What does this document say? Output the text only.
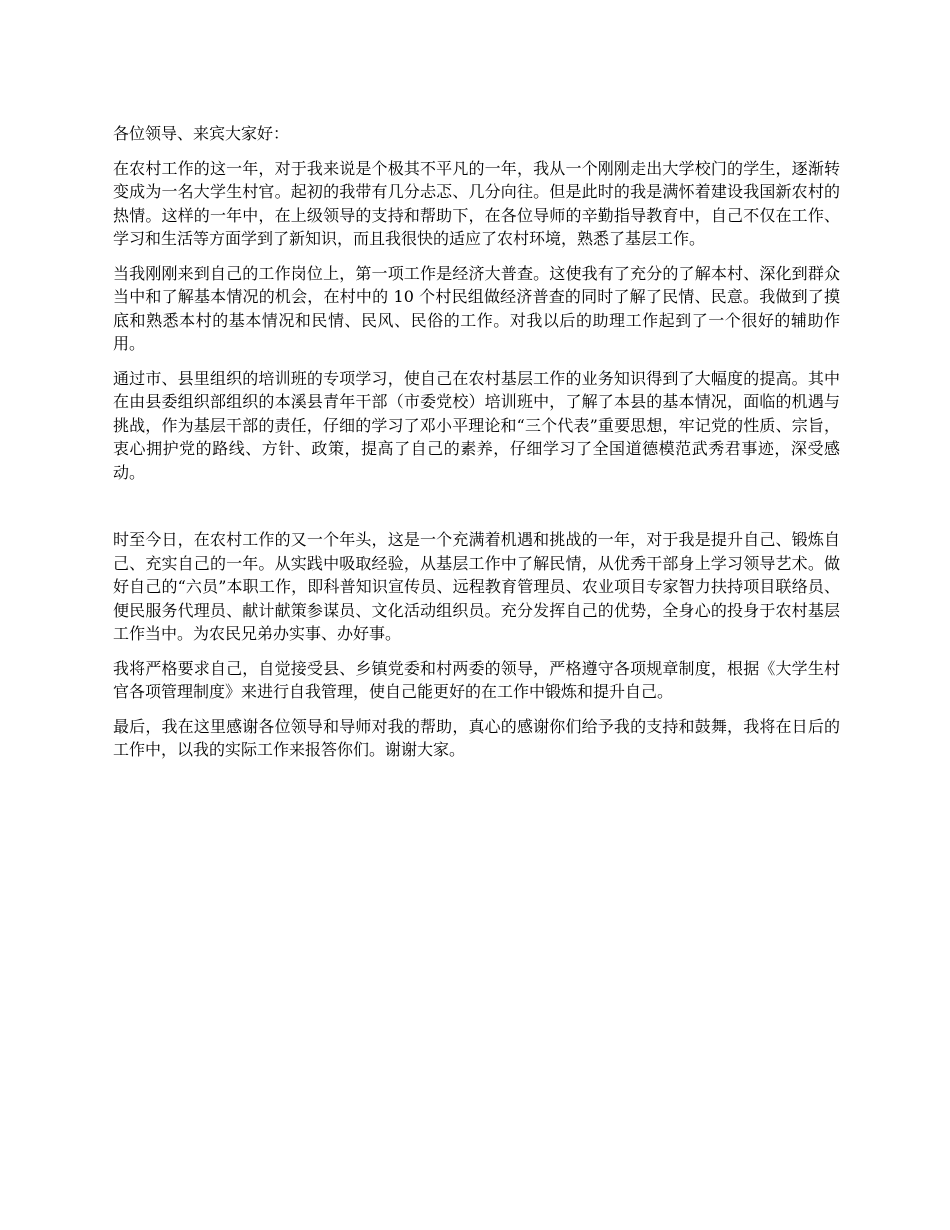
各位领导、来宾大家好：

在农村工作的这一年，对于我来说是个极其不平凡的一年，我从一个刚刚走出大学校门的学生，逐渐转变成为一名大学生村官。起初的我带有几分忐忑、几分向往。但是此时的我是满怀着建设我国新农村的热情。这样的一年中，在上级领导的支持和帮助下，在各位导师的辛勤指导教育中，自己不仅在工作、学习和生活等方面学到了新知识，而且我很快的适应了农村环境，熟悉了基层工作。

当我刚刚来到自己的工作岗位上，第一项工作是经济大普查。这使我有了充分的了解本村、深化到群众当中和了解基本情况的机会，在村中的 10 个村民组做经济普查的同时了解了民情、民意。我做到了摸底和熟悉本村的基本情况和民情、民风、民俗的工作。对我以后的助理工作起到了一个很好的辅助作用。

通过市、县里组织的培训班的专项学习，使自己在农村基层工作的业务知识得到了大幅度的提高。其中在由县委组织部组织的本溪县青年干部（市委党校）培训班中，了解了本县的基本情况，面临的机遇与挑战，作为基层干部的责任，仔细的学习了邓小平理论和“三个代表”重要思想，牢记党的性质、宗旨，衷心拥护党的路线、方针、政策，提高了自己的素养，仔细学习了全国道德模范武秀君事迹，深受感动。

时至今日，在农村工作的又一个年头，这是一个充满着机遇和挑战的一年，对于我是提升自己、锻炼自己、充实自己的一年。从实践中吸取经验，从基层工作中了解民情，从优秀干部身上学习领导艺术。做好自己的“六员”本职工作，即科普知识宣传员、远程教育管理员、农业项目专家智力扶持项目联络员、便民服务代理员、献计献策参谋员、文化活动组织员。充分发挥自己的优势，全身心的投身于农村基层工作当中。为农民兄弟办实事、办好事。

我将严格要求自己，自觉接受县、乡镇党委和村两委的领导，严格遵守各项规章制度，根据《大学生村官各项管理制度》来进行自我管理，使自己能更好的在工作中锻炼和提升自己。

最后，我在这里感谢各位领导和导师对我的帮助，真心的感谢你们给予我的支持和鼓舞，我将在日后的工作中，以我的实际工作来报答你们。谢谢大家。
